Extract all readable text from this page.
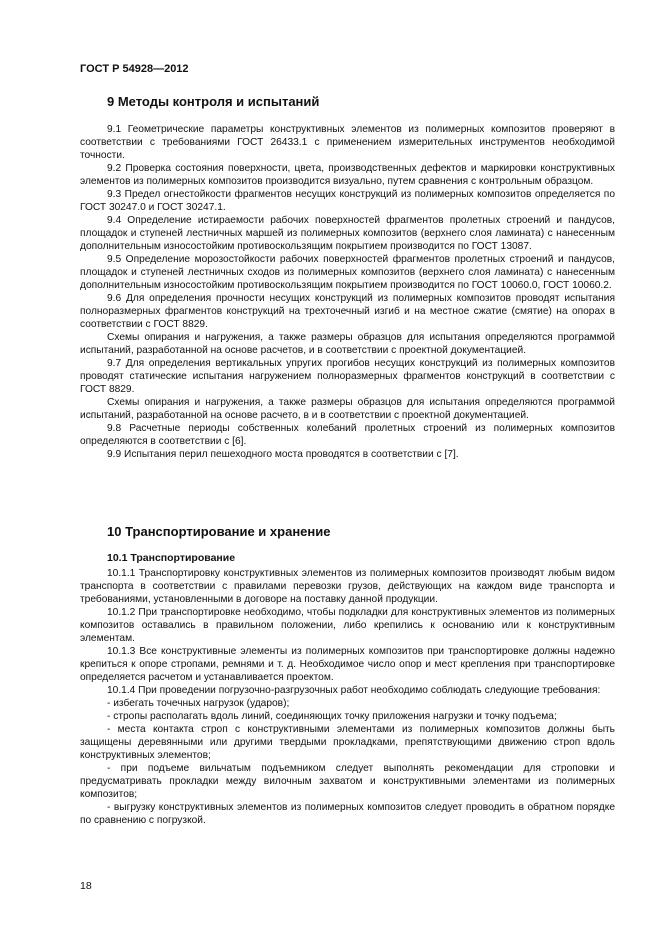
ГОСТ Р 54928—2012
9 Методы контроля и испытаний

9.1 Геометрические параметры конструктивных элементов из полимерных композитов проверяют в соответствии с требованиями ГОСТ 26433.1 с применением измерительных инструментов необходимой точности.

9.2 Проверка состояния поверхности, цвета, производственных дефектов и маркировки конструктивных элементов из полимерных композитов производится визуально, путем сравнения с контрольным образцом.

9.3 Предел огнестойкости фрагментов несущих конструкций из полимерных композитов определяется по ГОСТ 30247.0 и ГОСТ 30247.1.

9.4 Определение истираемости рабочих поверхностей фрагментов пролетных строений и пандусов, площадок и ступеней лестничных маршей из полимерных композитов (верхнего слоя ламината) с нанесенным дополнительным износостойким противоскользящим покрытием производится по ГОСТ 13087.

9.5 Определение морозостойкости рабочих поверхностей фрагментов пролетных строений и пандусов, площадок и ступеней лестничных сходов из полимерных композитов (верхнего слоя ламината) с нанесенным дополнительным износостойким противоскользящим покрытием производится по ГОСТ 10060.0, ГОСТ 10060.2.

9.6 Для определения прочности несущих конструкций из полимерных композитов проводят испытания полноразмерных фрагментов конструкций на трехточечный изгиб и на местное сжатие (смятие) на опорах в соответствии с ГОСТ 8829.

Схемы опирания и нагружения, а также размеры образцов для испытания определяются программой испытаний, разработанной на основе расчетов, и в соответствии с проектной документацией.

9.7 Для определения вертикальных упругих прогибов несущих конструкций из полимерных композитов проводят статические испытания нагружением полноразмерных фрагментов конструкций в соответствии с ГОСТ 8829.

Схемы опирания и нагружения, а также размеры образцов для испытания определяются программой испытаний, разработанной на основе расчето, в и в соответствии с проектной документацией.

9.8 Расчетные периоды собственных колебаний пролетных строений из полимерных композитов определяются в соответствии с [6].

9.9 Испытания перил пешеходного моста проводятся в соответствии с [7].

10 Транспортирование и хранение
10.1 Транспортирование

10.1.1 Транспортировку конструктивных элементов из полимерных композитов производят любым видом транспорта в соответствии с правилами перевозки грузов, действующих на каждом виде транспорта и требованиями, установленными в договоре на поставку данной продукции.

10.1.2 При транспортировке необходимо, чтобы подкладки для конструктивных элементов из полимерных композитов оставались в правильном положении, либо крепились к основанию или к конструктивным элементам.

10.1.3 Все конструктивные элементы из полимерных композитов при транспортировке должны надежно крепиться к опоре стропами, ремнями и т. д. Необходимое число опор и мест крепления при транспортировке определяется расчетом и устанавливается проектом.

10.1.4 При проведении погрузочно-разгрузочных работ необходимо соблюдать следующие требования:

- избегать точечных нагрузок (ударов);

- стропы располагать вдоль линий, соединяющих точку приложения нагрузки и точку подъема;

- места контакта строп с конструктивными элементами из полимерных композитов должны быть защищены деревянными или другими твердыми прокладками, препятствующими движению строп вдоль конструктивных элементов;

- при подъеме вильчатым подъемником следует выполнять рекомендации для строповки и предусматривать прокладки между вилочным захватом и конструктивными элементами из полимерных композитов;

- выгрузку конструктивных элементов из полимерных композитов следует проводить в обратном порядке по сравнению с погрузкой.

18
